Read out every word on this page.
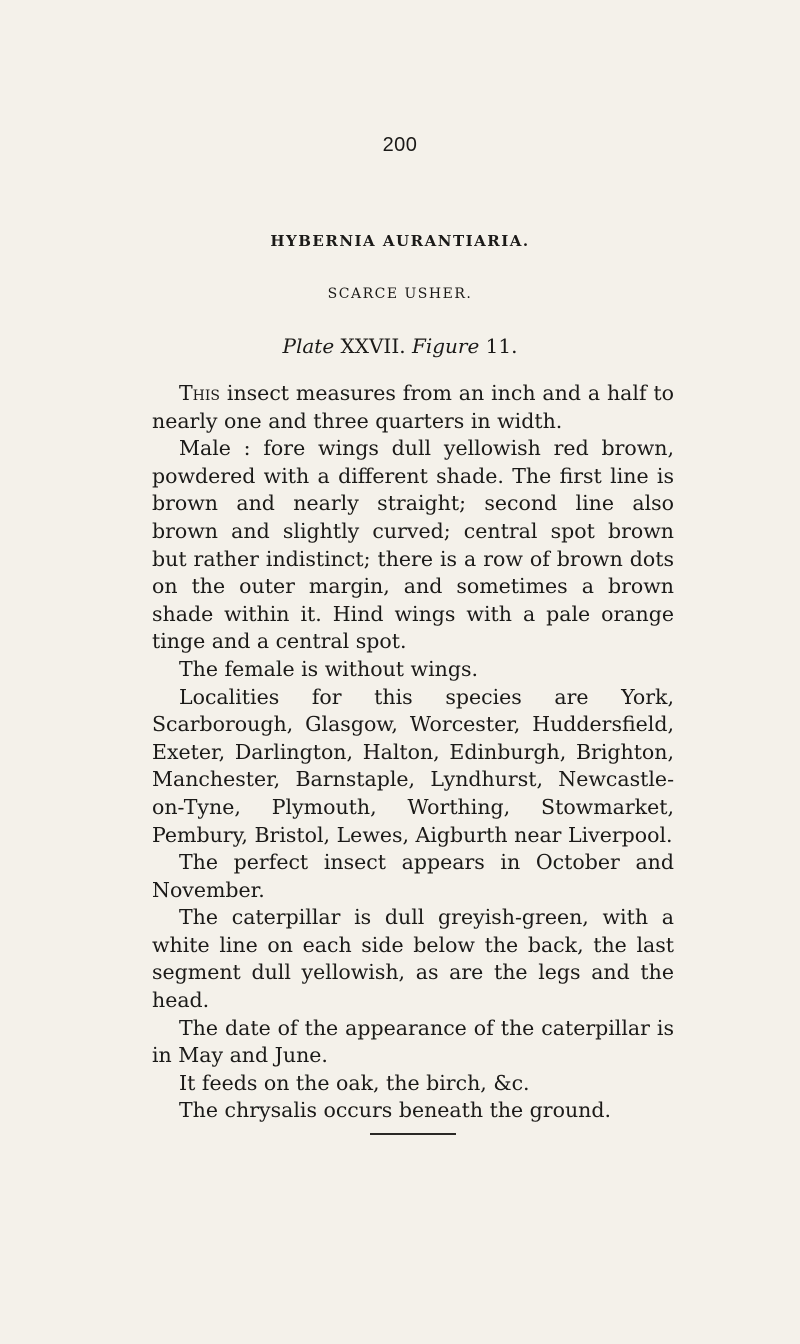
200
HYBERNIA AURANTIARIA.
SCARCE USHER.
Plate XXVII. Figure 11.

This insect measures from an inch and a half to nearly one and three quarters in width.

Male : fore wings dull yellowish red brown, powdered with a different shade. The first line is brown and nearly straight; second line also brown and slightly curved; central spot brown but rather indistinct; there is a row of brown dots on the outer margin, and sometimes a brown shade within it. Hind wings with a pale orange tinge and a central spot.

The female is without wings.

Localities for this species are York, Scarborough, Glasgow, Worcester, Huddersfield, Exeter, Darlington, Halton, Edinburgh, Brighton, Manchester, Barnstaple, Lyndhurst, Newcastle-on-Tyne, Plymouth, Worthing, Stowmarket, Pembury, Bristol, Lewes, Aigburth near Liverpool.

The perfect insect appears in October and November.

The caterpillar is dull greyish-green, with a white line on each side below the back, the last segment dull yellowish, as are the legs and the head.

The date of the appearance of the caterpillar is in May and June.

It feeds on the oak, the birch, &c.

The chrysalis occurs beneath the ground.
